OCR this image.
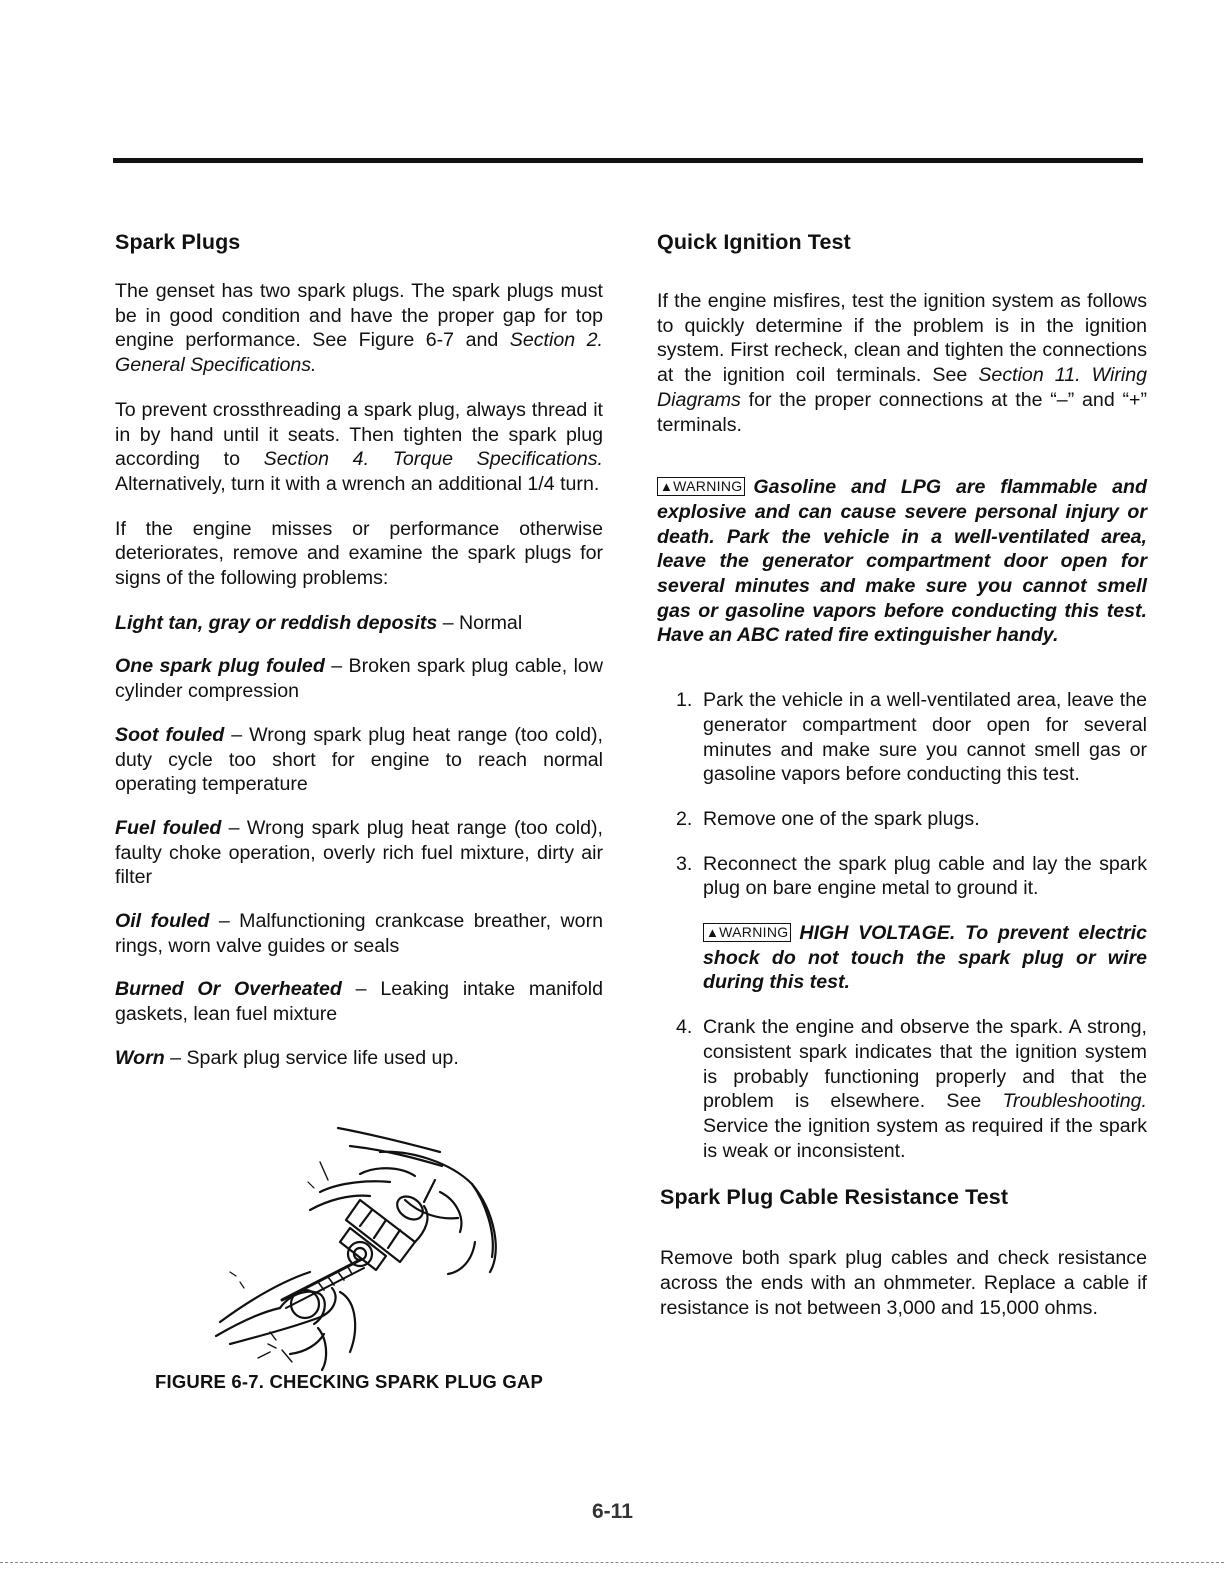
Spark Plugs

The genset has two spark plugs. The spark plugs must be in good condition and have the proper gap for top engine performance. See Figure 6-7 and Section 2. General Specifications.

To prevent crossthreading a spark plug, always thread it in by hand until it seats. Then tighten the spark plug according to Section 4. Torque Specifications. Alternatively, turn it with a wrench an additional 1/4 turn.

If the engine misses or performance otherwise deteriorates, remove and examine the spark plugs for signs of the following problems:

Light tan, gray or reddish deposits – Normal

One spark plug fouled – Broken spark plug cable, low cylinder compression

Soot fouled – Wrong spark plug heat range (too cold), duty cycle too short for engine to reach normal operating temperature

Fuel fouled – Wrong spark plug heat range (too cold), faulty choke operation, overly rich fuel mixture, dirty air filter

Oil fouled – Malfunctioning crankcase breather, worn rings, worn valve guides or seals

Burned Or Overheated – Leaking intake manifold gaskets, lean fuel mixture

Worn – Spark plug service life used up.

FIGURE 6-7. CHECKING SPARK PLUG GAP
Quick Ignition Test

If the engine misfires, test the ignition system as follows to quickly determine if the problem is in the ignition system. First recheck, clean and tighten the connections at the ignition coil terminals. See Section 11. Wiring Diagrams for the proper connections at the “–” and “+” terminals.

▲WARNING Gasoline and LPG are flammable and explosive and can cause severe personal injury or death. Park the vehicle in a well-ventilated area, leave the generator compartment door open for several minutes and make sure you cannot smell gas or gasoline vapors before conducting this test. Have an ABC rated fire extinguisher handy.

1. Park the vehicle in a well-ventilated area, leave the generator compartment door open for several minutes and make sure you cannot smell gas or gasoline vapors before conducting this test.
2. Remove one of the spark plugs.
3. Reconnect the spark plug cable and lay the spark plug on bare engine metal to ground it.

▲WARNING HIGH VOLTAGE. To prevent electric shock do not touch the spark plug or wire during this test.

4. Crank the engine and observe the spark. A strong, consistent spark indicates that the ignition system is probably functioning properly and that the problem is elsewhere. See Troubleshooting. Service the ignition system as required if the spark is weak or inconsistent.
Spark Plug Cable Resistance Test

Remove both spark plug cables and check resistance across the ends with an ohmmeter. Replace a cable if resistance is not between 3,000 and 15,000 ohms.

6-11
